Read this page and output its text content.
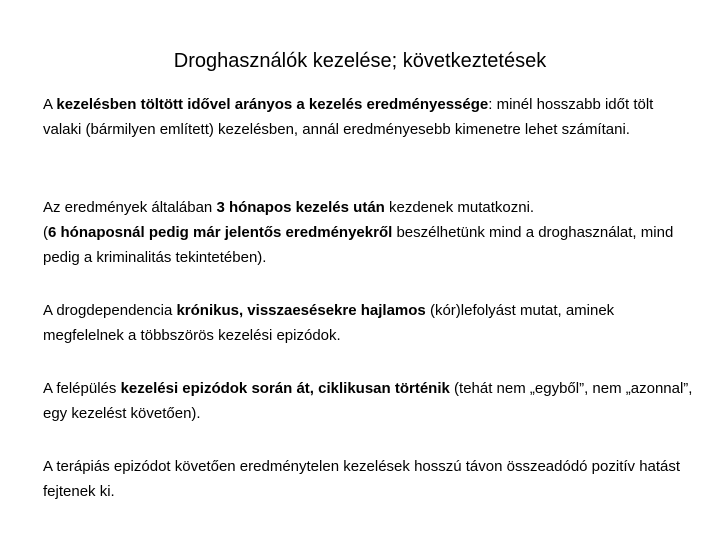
Droghasználók kezelése; következtetések

A kezelésben töltött idővel arányos a kezelés eredményessége: minél hosszabb időt tölt valaki (bármilyen említett) kezelésben, annál eredményesebb kimenetre lehet számítani.

Az eredmények általában 3 hónapos kezelés után kezdenek mutatkozni.
(6 hónaposnál pedig már jelentős eredményekről beszélhetünk mind a droghasználat, mind pedig a kriminalitás tekintetében).

A drogdependencia krónikus, visszaesésekre hajlamos (kór)lefolyást mutat, aminek megfelelnek a többszörös kezelési epizódok.

A felépülés kezelési epizódok során át, ciklikusan történik (tehát nem „egyből”, nem „azonnal”, egy kezelést követően).

A terápiás epizódot követően eredménytelen kezelések hosszú távon összeadódó pozitív hatást fejtenek ki.
